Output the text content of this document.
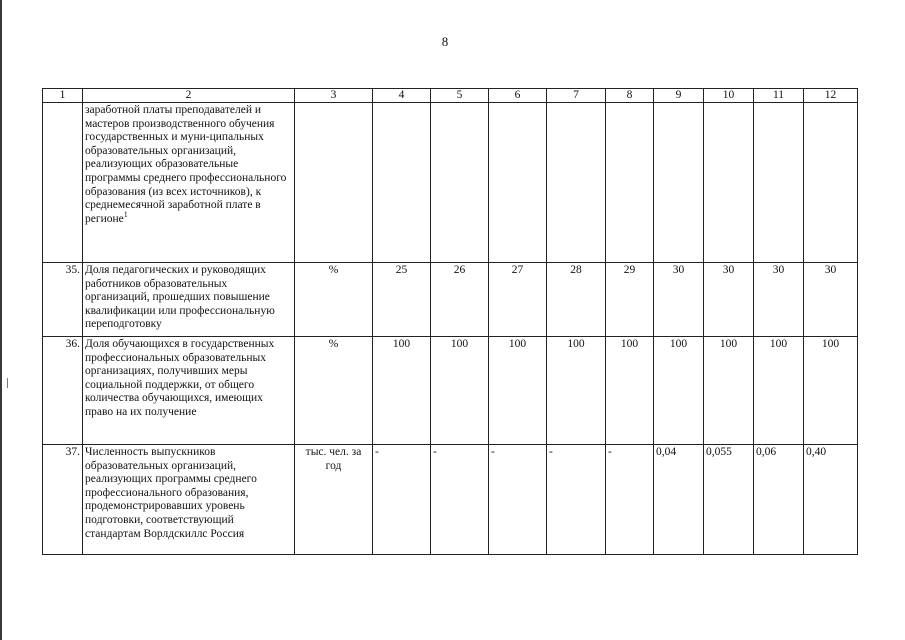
8
1	2	3	4	5	6	7	8	9	10	11	12
	заработной платы преподавателей и мастеров производственного обучения государственных и муни-ципальных образовательных организаций, реализующих образовательные программы среднего профессионального образования (из всех источников), к среднемесячной заработной плате в регионе$^1$										
35.	Доля педагогических и руководящих работников образовательных организаций, прошедших повышение квалификации или профессиональную переподготовку	%	25	26	27	28	29	30	30	30	30
36.	Доля обучающихся в государственных профессиональных образовательных организациях, получивших меры социальной поддержки, от общего количества обучающихся, имеющих право на их получение	%	100	100	100	100	100	100	100	100	100
37.	Численность выпускников образовательных организаций, реализующих программы среднего профессионального образования, продемонстрировавших уровень подготовки, соответствующий стандартам Ворлдскиллс Россия	тыс. чел. за год	-	-	-	-	-	0,04	0,055	0,06	0,40
